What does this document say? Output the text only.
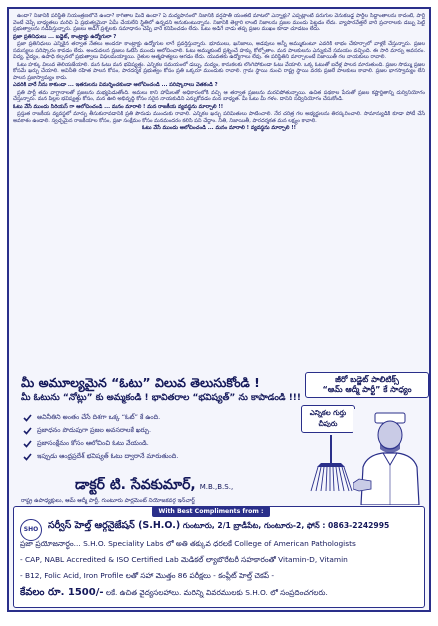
ఉందా? నిజానికి పరిస్థితి నియంత్రణలోనే ఉందా? కాగితాల మీదే ఉందా? ఏ మద్యపానంలో నిజానికి వర్షపాతీ యంతటి మాటలో ఎన్నాళ్లు? ఎప్పట్లాంటి పరుగుల వెనుకబడ్డ పార్టీల సిద్ధాంతాలను కాదంటే, పార్టీ వెంటే చెప్పే బాధ్యతలు మరిచి ఏ ప్రభుత్వమైనా ఏమీ చేయలేని స్థితిలో ఉన్నదని అనుకుంటున్నాను. నిజానికి తెల్లారి లాంటి నిజాలను ప్రజల ముందు పెట్టడం లేదు. వ్యాపారవేత్తలే వారి ప్రచారాలకు డబ్బు పెట్టి ప్రభుత్వాలను నడిపిస్తున్నారు. ప్రజలు అడిగే ప్రశ్నలకు సమాధానం చెప్పే వారే కనిపించడం లేదు. ఓటు అడిగే నాడు తప్ప ప్రజల ముఖం కూడా చూడటం లేదు.

ప్రజా ప్రతినిధులు ... బడ్జెట్, కాంట్రాక్టు ఉద్యోగులా ?

ప్రజా ప్రతినిధులు ఎన్నికైన తర్వాత నేతలు అందరూ కాంట్రాక్టు ఉద్యోగుల లాగే ప్రవర్తిస్తున్నారు. భూములు, ఖనిజాలు, అడవులు అన్నీ అమ్ముకుంటూ ఎవరికి లాభం చేకూర్చాలో వాళ్లకే చేస్తున్నారు. ప్రజల సమస్యలు పరిష్కారం కావడం లేదు. అందువలన ప్రజలు ఓటేసే ముందు ఆలోచించాలి. ఓటు అమ్ముకుంటే ప్రశ్నించే హక్కు కోల్పోతాం. మన పాలకులను ఎన్నుకునే సమయం వచ్చింది. ఈ సారి మార్పు అవసరం. విద్య, వైద్యం, ఉపాధి కల్పనలో ప్రభుత్వాలు విఫలమయ్యాయి. రైతుల ఆత్మహత్యలు ఆగడం లేదు. యువతకు ఉద్యోగాలు లేవు. ఈ పరిస్థితిని మార్చాలంటే నిజాయితీ గల నాయకులు రావాలి.

ఓటు హక్కు విలువ తెలియజేయాలి. మన ఓటు మన భవిష్యత్తు. ఎన్నికల సమయంలో డబ్బు, మద్యం, కానుకలకు లొంగిపోకుండా ఓటు వేయాలి. ఒక్క ఓటుతో ఐదేళ్ల పాలన మారుతుంది. ప్రజల సొమ్ము ప్రజల కోసమే ఖర్చు చేయాలి. అవినీతి రహిత పాలన కోసం, పారదర్శక ప్రభుత్వం కోసం ప్రతి ఒక్కరూ ముందుకు రావాలి. గ్రామ స్థాయి నుంచి రాష్ట్ర స్థాయి వరకు ప్రజలే పాలకులు కావాలి. ప్రజల భాగస్వామ్యం లేని పాలన ప్రజాస్వామ్యం కాదు.

ఎవరికి వారే నీను కాకుండా ... ఇతరులను విమర్శించకుండా ఆలోచించండి ... పరిష్కారాలు వెతకండి ?

ప్రతి పార్టీ తమ వాగ్దానాలతో ప్రజలను మభ్యపెడుతోంది. అమలు కాని హామీలతో అధికారంలోకి వచ్చి ఆ తర్వాత ప్రజలను మరచిపోతున్నాయి. ఉచిత పథకాల పేరుతో ప్రజల కష్టార్జితాన్ని దుర్వినియోగం చేస్తున్నారు. మన పిల్లల భవిష్యత్తు కోసం, మన ఊరి అభివృద్ధి కోసం సరైన నాయకుడిని ఎన్నుకోవడం మన బాధ్యత. మీ ఓటు మీ గళం. దానిని సద్వినియోగం చేసుకోండి.

ఓటు వేసే ముందు సిరియస్ గా ఆలోచించండి ... మనం మారాలి ! మన రాజకీయ వ్యవస్థను మార్చాలి !!

ప్రస్తుత రాజకీయ వ్యవస్థలో మార్పు తీసుకురావడానికి ప్రతి పౌరుడు ముందుకు రావాలి. ఎన్నికల ఖర్చు పరిమితులు పాటించాలి. నేర చరిత్ర గల అభ్యర్థులను తిరస్కరించాలి. సామాన్యుడికి కూడా పోటీ చేసే అవకాశం ఉండాలి. స్వచ్ఛమైన రాజకీయాల కోసం, ప్రజా సంక్షేమం కోసం మనమందరం కలిసి పని చేద్దాం. నీతి, నిజాయితీ, పారదర్శకత మన లక్ష్యం కావాలి.

ఓటు వేసే ముందు ఆలోచించండి ... మనం మారాలి ! వ్యవస్థను మార్చాలి !!

మీ అమూల్యమైన “ఓటు” విలువ తెలుసుకోండి !
మీ ఓటును “నోట్లు” కు అమ్మకండి ! భావితరాల “భవిష్యత్” ను కాపాడండి !!!
జీరో బడ్జెట్ పాలిటిక్స్
“ఆమ్ ఆద్మీ పార్టీ” కే సాధ్యం
అవినీతిని అంతం చేసే దిశగా ఒక్క “ఓట్” కే ఉంది.
ప్రజాధనం పొదుపుగా ప్రజల అవసరాలకే ఖర్చు.
ప్రజాసంక్షేమం కోసం ఆలోచించి ఓటు వేయండి.
ఇప్పుడు ఆంధ్రప్రదేశ్ భవిష్యత్ ఓటు ద్వారానే మారుతుంది.
ఎన్నికల గుర్తు
చీపురు
డాక్టర్ టి. సేవకుమార్, M.B.,B.S.,
రాష్ట్ర ఉపాధ్యక్షులు, ఆమ్ ఆద్మీ పార్టీ, గుంటూరు పార్లమెంట్ నియోజకవర్గ ఇన్‌చార్జ్
With Best Compliments from :
SHO	సర్వీస్ హెల్త్ ఆర్గనైజేషన్ (S.H.O.) గుంటూరు, 2/1 బ్రాడీపేట, గుంటూరు-2, ఫోన్ : 0863-2242995
ప్రజా ప్రయోజనార్థం... S.H.O. Speciality Labs లో అతి తక్కువ ధరలకే College of American Pathologists
- CAP, NABL Accredited & ISO Certified Lab మెడికల్ ల్యాబొరేటరీ సహకారంతో Vitamin-D, Vitamin
- B12, Folic Acid, Iron Profile లతో సహా మొత్తం 86 పరీక్షలు - కంప్లీట్ హెల్త్ చెకప్ -
కేవలం రూ. 1500/- లకే. ఉచిత వైద్యసలహాలు. మరిన్ని వివరములకు S.H.O. లో సంప్రదించగలరు.
